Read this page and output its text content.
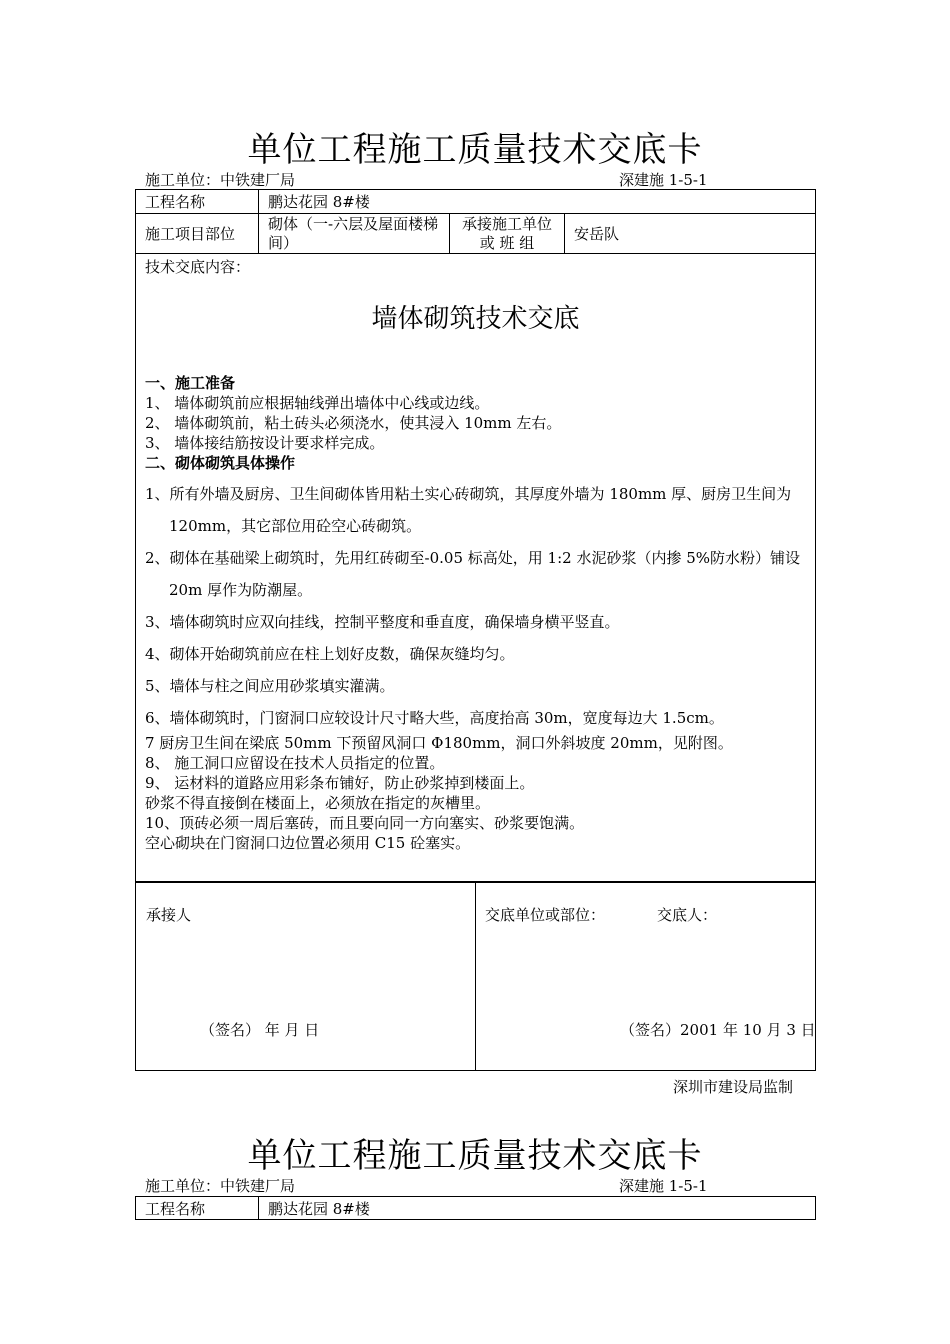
单位工程施工质量技术交底卡
施工单位：中铁建厂局	深建施 1-5-1
工程名称	鹏达花园 8#楼		
施工项目部位	砌体（一-六层及屋面楼梯间）	承接施工单位或 班 组	安岳队
技术交底内容：
墙体砌筑技术交底
一、施工准备
1、 墙体砌筑前应根据轴线弹出墙体中心线或边线。
2、 墙体砌筑前，粘土砖头必须浇水，使其浸入 10mm 左右。
3、 墙体接结筋按设计要求样完成。
二、砌体砌筑具体操作
1、所有外墙及厨房、卫生间砌体皆用粘土实心砖砌筑，其厚度外墙为 180mm 厚、厨房卫生间为 120mm，其它部位用砼空心砖砌筑。
2、砌体在基础梁上砌筑时，先用红砖砌至-0.05 标高处，用 1:2 水泥砂浆（内掺 5%防水粉）铺设 20m 厚作为防潮屋。
3、墙体砌筑时应双向挂线，控制平整度和垂直度，确保墙身横平竖直。
4、砌体开始砌筑前应在柱上划好皮数，确保灰缝均匀。
5、墙体与柱之间应用砂浆填实灌满。
6、墙体砌筑时，门窗洞口应较设计尺寸略大些，高度抬高 30m，宽度每边大 1.5cm。
7 厨房卫生间在梁底 50mm 下预留风洞口 Φ180mm，洞口外斜坡度 20mm，见附图。
8、 施工洞口应留设在技术人员指定的位置。
9、 运材料的道路应用彩条布铺好，防止砂浆掉到楼面上。
砂浆不得直接倒在楼面上，必须放在指定的灰槽里。
10、顶砖必须一周后塞砖，而且要向同一方向塞实、砂浆要饱满。
空心砌块在门窗洞口边位置必须用 C15 砼塞实。
承接人
（签名） 年 月 日
交底单位或部位：	交底人：
（签名）2001 年 10 月 3 日
深圳市建设局监制
单位工程施工质量技术交底卡
施工单位：中铁建厂局	深建施 1-5-1
工程名称	鹏达花园 8#楼
